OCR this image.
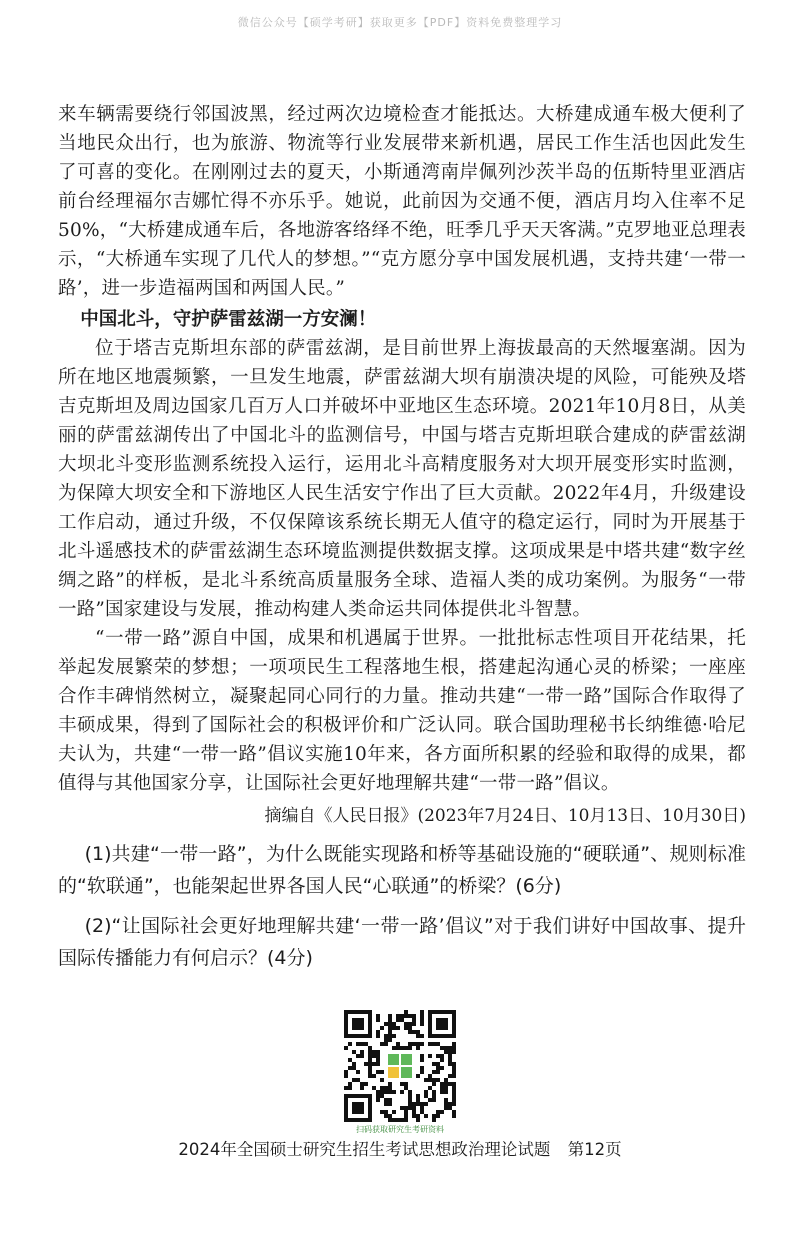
微信公众号【硕学考研】获取更多【PDF】资料免费整理学习

来车辆需要绕行邻国波黑，经过两次边境检查才能抵达。大桥建成通车极大便利了当地民众出行，也为旅游、物流等行业发展带来新机遇，居民工作生活也因此发生了可喜的变化。在刚刚过去的夏天，小斯通湾南岸佩列沙茨半岛的伍斯特里亚酒店前台经理福尔吉娜忙得不亦乐乎。她说，此前因为交通不便，酒店月均入住率不足50%，“大桥建成通车后，各地游客络绎不绝，旺季几乎天天客满。”克罗地亚总理表示，“大桥通车实现了几代人的梦想。”“克方愿分享中国发展机遇，支持共建‘一带一路’，进一步造福两国和两国人民。”

中国北斗，守护萨雷兹湖一方安澜！

位于塔吉克斯坦东部的萨雷兹湖，是目前世界上海拔最高的天然堰塞湖。因为所在地区地震频繁，一旦发生地震，萨雷兹湖大坝有崩溃决堤的风险，可能殃及塔吉克斯坦及周边国家几百万人口并破坏中亚地区生态环境。2021年10月8日，从美丽的萨雷兹湖传出了中国北斗的监测信号，中国与塔吉克斯坦联合建成的萨雷兹湖大坝北斗变形监测系统投入运行，运用北斗高精度服务对大坝开展变形实时监测，为保障大坝安全和下游地区人民生活安宁作出了巨大贡献。2022年4月，升级建设工作启动，通过升级，不仅保障该系统长期无人值守的稳定运行，同时为开展基于北斗遥感技术的萨雷兹湖生态环境监测提供数据支撑。这项成果是中塔共建“数字丝绸之路”的样板，是北斗系统高质量服务全球、造福人类的成功案例。为服务“一带一路”国家建设与发展，推动构建人类命运共同体提供北斗智慧。

“一带一路”源自中国，成果和机遇属于世界。一批批标志性项目开花结果，托举起发展繁荣的梦想；一项项民生工程落地生根，搭建起沟通心灵的桥梁；一座座合作丰碑悄然树立，凝聚起同心同行的力量。推动共建“一带一路”国际合作取得了丰硕成果，得到了国际社会的积极评价和广泛认同。联合国助理秘书长纳维德·哈尼夫认为，共建“一带一路”倡议实施10年来，各方面所积累的经验和取得的成果，都值得与其他国家分享，让国际社会更好地理解共建“一带一路”倡议。

摘编自《人民日报》(2023年7月24日、10月13日、10月30日)
(1)共建“一带一路”，为什么既能实现路和桥等基础设施的“硬联通”、规则标准的“软联通”，也能架起世界各国人民“心联通”的桥梁？(6分)
(2)“让国际社会更好地理解共建‘一带一路’倡议”对于我们讲好中国故事、提升国际传播能力有何启示？(4分)
扫码获取研究生考研资料
2024年全国硕士研究生招生考试思想政治理论试题 第12页
